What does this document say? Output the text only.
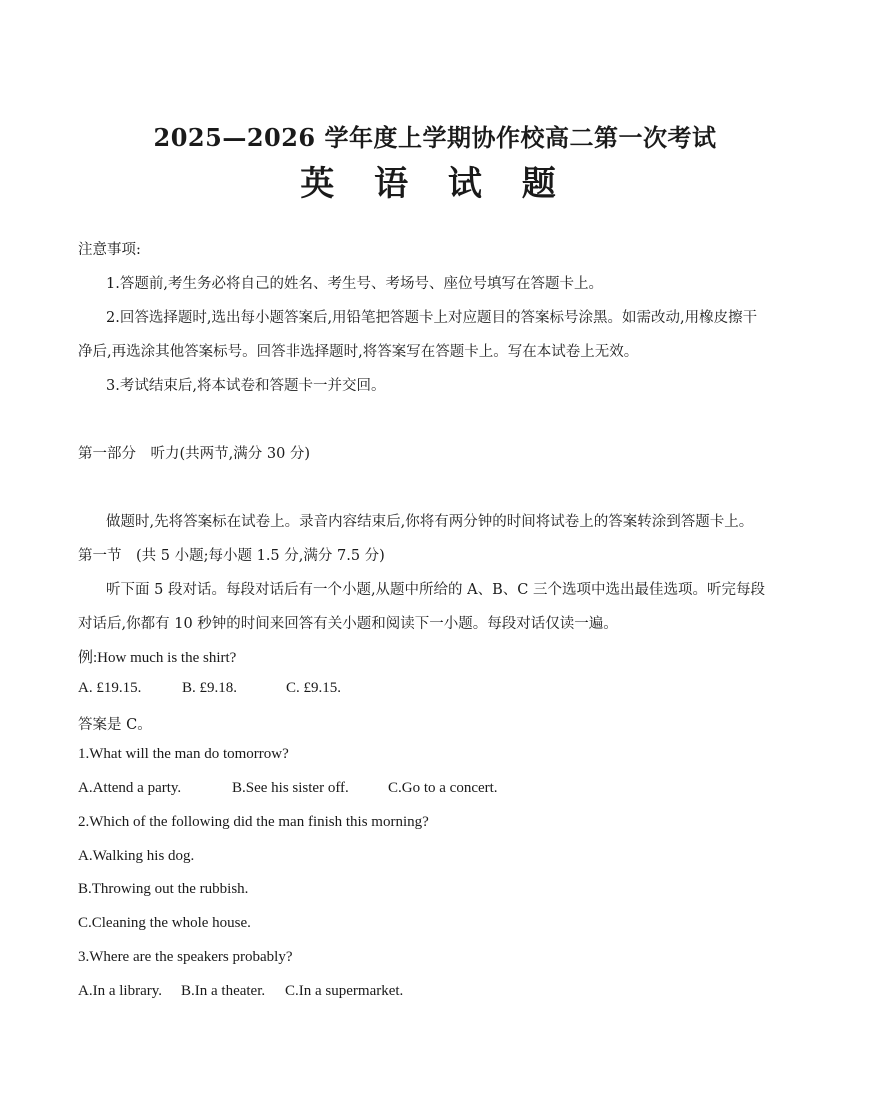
2025—2026 学年度上学期协作校高二第一次考试
英 语 试 题

注意事项:

1.答题前,考生务必将自己的姓名、考生号、考场号、座位号填写在答题卡上。

2.回答选择题时,选出每小题答案后,用铅笔把答题卡上对应题目的答案标号涂黑。如需改动,用橡皮擦干

净后,再选涂其他答案标号。回答非选择题时,将答案写在答题卡上。写在本试卷上无效。

3.考试结束后,将本试卷和答题卡一并交回。

第一部分　听力(共两节,满分 30 分)

做题时,先将答案标在试卷上。录音内容结束后,你将有两分钟的时间将试卷上的答案转涂到答题卡上。

第一节　(共 5 小题;每小题 1.5 分,满分 7.5 分)

听下面 5 段对话。每段对话后有一个小题,从题中所给的 A、B、C 三个选项中选出最佳选项。听完每段

对话后,你都有 10 秒钟的时间来回答有关小题和阅读下一小题。每段对话仅读一遍。

例:How much is the shirt?

A. £19.15.	B. £9.18.	C. £9.15.

答案是 C。

1.What will the man do tomorrow?

A.Attend a party.	B.See his sister off.	C.Go to a concert.

2.Which of the following did the man finish this morning?

A.Walking his dog.

B.Throwing out the rubbish.

C.Cleaning the whole house.

3.Where are the speakers probably?

A.In a library. B.In a theater. C.In a supermarket.
